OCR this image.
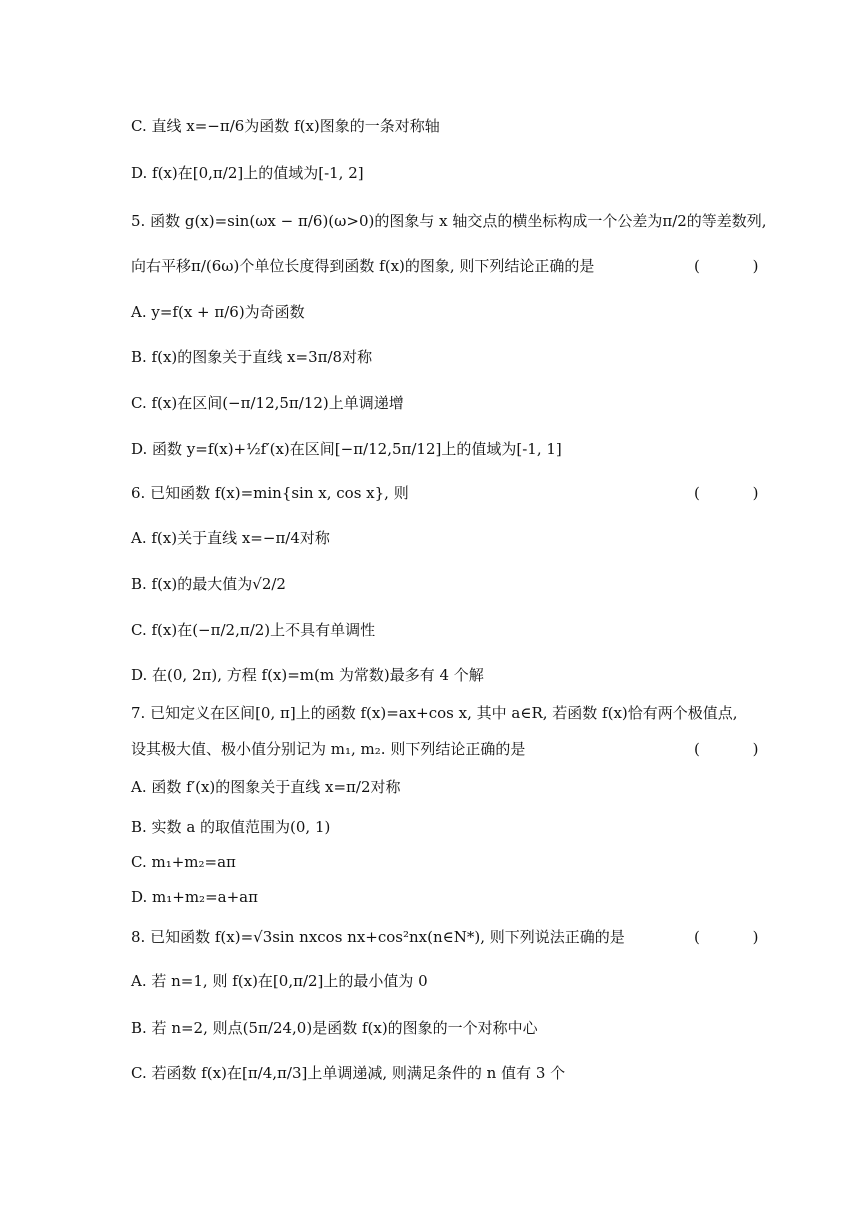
C. 直线 x=−π/6为函数 f(x)图象的一条对称轴
D. f(x)在[0,π/2]上的值域为[-1, 2]
5. 函数 g(x)=sin(ωx − π/6)(ω>0)的图象与 x 轴交点的横坐标构成一个公差为π/2的等差数列,
向右平移π/(6ω)个单位长度得到函数 f(x)的图象, 则下列结论正确的是	( )
A. y=f(x + π/6)为奇函数
B. f(x)的图象关于直线 x=3π/8对称
C. f(x)在区间(−π/12,5π/12)上单调递增
D. 函数 y=f(x)+½f′(x)在区间[−π/12,5π/12]上的值域为[-1, 1]
6. 已知函数 f(x)=min{sin x, cos x}, 则	( )
A. f(x)关于直线 x=−π/4对称
B. f(x)的最大值为√2/2
C. f(x)在(−π/2,π/2)上不具有单调性
D. 在(0, 2π), 方程 f(x)=m(m 为常数)最多有 4 个解
7. 已知定义在区间[0, π]上的函数 f(x)=ax+cos x, 其中 a∈R, 若函数 f(x)恰有两个极值点,
设其极大值、极小值分别记为 m₁, m₂. 则下列结论正确的是	( )
A. 函数 f′(x)的图象关于直线 x=π/2对称
B. 实数 a 的取值范围为(0, 1)
C. m₁+m₂=aπ
D. m₁+m₂=a+aπ
8. 已知函数 f(x)=√3sin nxcos nx+cos²nx(n∈N*), 则下列说法正确的是	( )
A. 若 n=1, 则 f(x)在[0,π/2]上的最小值为 0
B. 若 n=2, 则点(5π/24,0)是函数 f(x)的图象的一个对称中心
C. 若函数 f(x)在[π/4,π/3]上单调递减, 则满足条件的 n 值有 3 个
